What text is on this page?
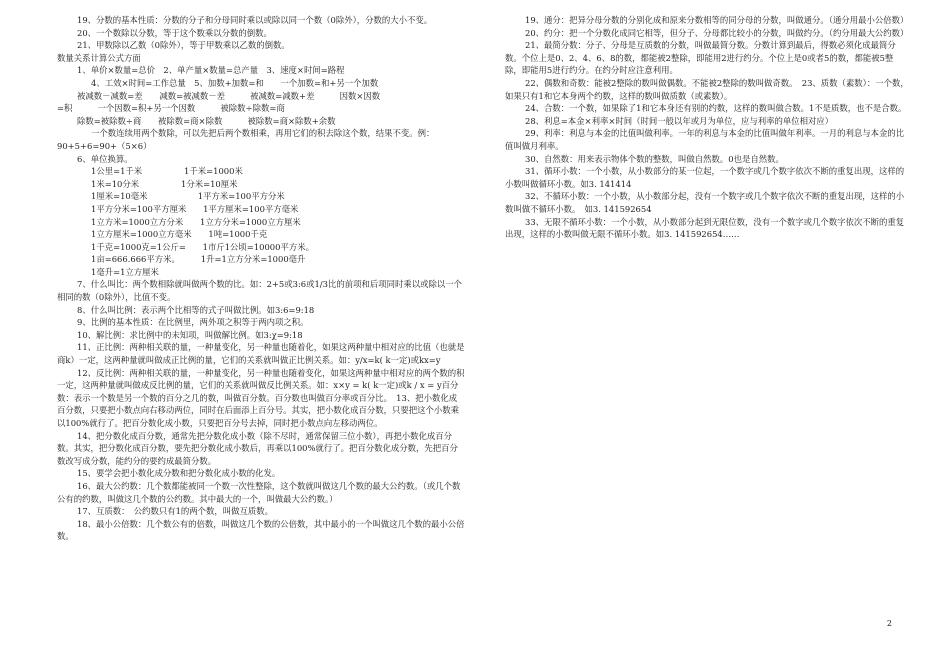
19、分数的基本性质：分数的分子和分母同时乘以或除以同一个数（0除外），分数的大小不变。

20、一个数除以分数，等于这个数乘以分数的倒数。

21、甲数除以乙数（0除外），等于甲数乘以乙数的倒数。

数量关系计算公式方面

1、单价×数量=总价　2、单产量×数量=总产量　3、速度×时间=路程

4、工效×时间=工作总量　5、加数+加数=和　　一个加数=和+另一个加数

被减数－减数=差　　减数=被减数－差　　　被减数=减数+差　　　因数×因数

=积　　　一个因数=积+另一个因数　　　被除数÷除数=商

除数=被除数÷商　　被除数=商×除数　　　被除数=商×除数+余数

一个数连续用两个数除，可以先把后两个数相乘，再用它们的积去除这个数，结果不变。例：

90+5+6=90+（5×6）

6、单位换算。

1公里=1千米　　　　　1千米=1000米

1米=10分米　　　　　1分米=10厘米

1厘米=10毫米　　　　　　1平方米=100平方分米

1平方分米=100平方厘米　　1平方厘米=100平方毫米

1立方米=1000立方分米　　1立方分米=1000立方厘米

1立方厘米=1000立方毫米　　1吨=1000千克

1千克=1000克=1公斤=　　1市斤1公顷=10000平方米。

1亩=666.666平方米。　　　1升=1立方分米=1000毫升

1毫升=1立方厘米

7、什么叫比：两个数相除就叫做两个数的比。如：2+5或3:6或1/3比的前项和后项同时乘以或除以一个相同的数（0除外），比值不变。

8、什么叫比例：表示两个比相等的式子叫做比例。如3:6=9:18

9、比例的基本性质：在比例里，两外项之积等于两内项之积。

10、解比例：求比例中的未知项，叫做解比例。如3:χ=9:18

11、正比例：两种相关联的量，一种量变化，另一种量也随着化，如果这两种量中相对应的比值（也就是商k）一定，这两种量就叫做成正比例的量，它们的关系就叫做正比例关系。如：y/x=k( k一定)或kx=y

12、反比例：两种相关联的量，一种量变化，另一种量也随着变化，如果这两种量中相对应的两个数的积一定，这两种量就叫做成反比例的量，它们的关系就叫做反比例关系。如：x×y = k( k一定)或k / x = y百分数：表示一个数是另一个数的百分之几的数，叫做百分数。百分数也叫做百分率或百分比。　13、把小数化成百分数，只要把小数点向右移动两位，同时在后面添上百分号。其实，把小数化成百分数，只要把这个小数乘以100%就行了。把百分数化成小数，只要把百分号去掉，同时把小数点向左移动两位。

14、把分数化成百分数，通常先把分数化成小数（除不尽时，通常保留三位小数），再把小数化成百分数。其实，把分数化成百分数，要先把分数化成小数后，再乘以100%就行了。把百分数化成分数，先把百分数改写成分数，能约分的要约成最简分数。

15、要学会把小数化成分数和把分数化成小数的化发。

16、最大公约数：几个数都能被同一个数一次性整除，这个数就叫做这几个数的最大公约数。（或几个数公有的约数，叫做这几个数的公约数。其中最大的一个，叫做最大公约数。）

17、互质数：　公约数只有1的两个数，叫做互质数。

18、最小公倍数：几个数公有的倍数，叫做这几个数的公倍数，其中最小的一个叫做这几个数的最小公倍数。

19、通分：把异分母分数的分别化成和原来分数相等的同分母的分数，叫做通分。（通分用最小公倍数）

20、约分：把一个分数化成同它相等，但分子、分母都比较小的分数，叫做约分。（约分用最大公约数）

21、最简分数：分子、分母是互质数的分数，叫做最简分数。分数计算到最后，得数必须化成最简分数。个位上是0、2、4、6、8的数，都能被2整除，即能用2进行约分。个位上是0或者5的数，都能被5整除，即能用5进行约分。在约分时应注意利用。

22、偶数和奇数：能被2整除的数叫做偶数。不能被2整除的数叫做奇数。　23、质数（素数）：一个数，如果只有1和它本身两个约数，这样的数叫做质数（或素数）。

24、合数：一个数，如果除了1和它本身还有别的约数，这样的数叫做合数。1不是质数，也不是合数。

28、利息=本金×利率×时间（时间一般以年或月为单位，应与利率的单位相对应）

29、利率：利息与本金的比值叫做利率。一年的利息与本金的比值叫做年利率。一月的利息与本金的比值叫做月利率。

30、自然数：用来表示物体个数的整数，叫做自然数。0也是自然数。

31、循环小数：一个小数，从小数部分的某一位起，一个数字或几个数字依次不断的重复出现，这样的小数叫做循环小数。如3. 141414

32、不循环小数：一个小数，从小数部分起，没有一个数字或几个数字依次不断的重复出现，这样的小数叫做不循环小数。　如3. 141592654

33、无限不循环小数：一个小数，从小数部分起到无限位数，没有一个数字或几个数字依次不断的重复出现，这样的小数叫做无限不循环小数。如3. 141592654……

2
